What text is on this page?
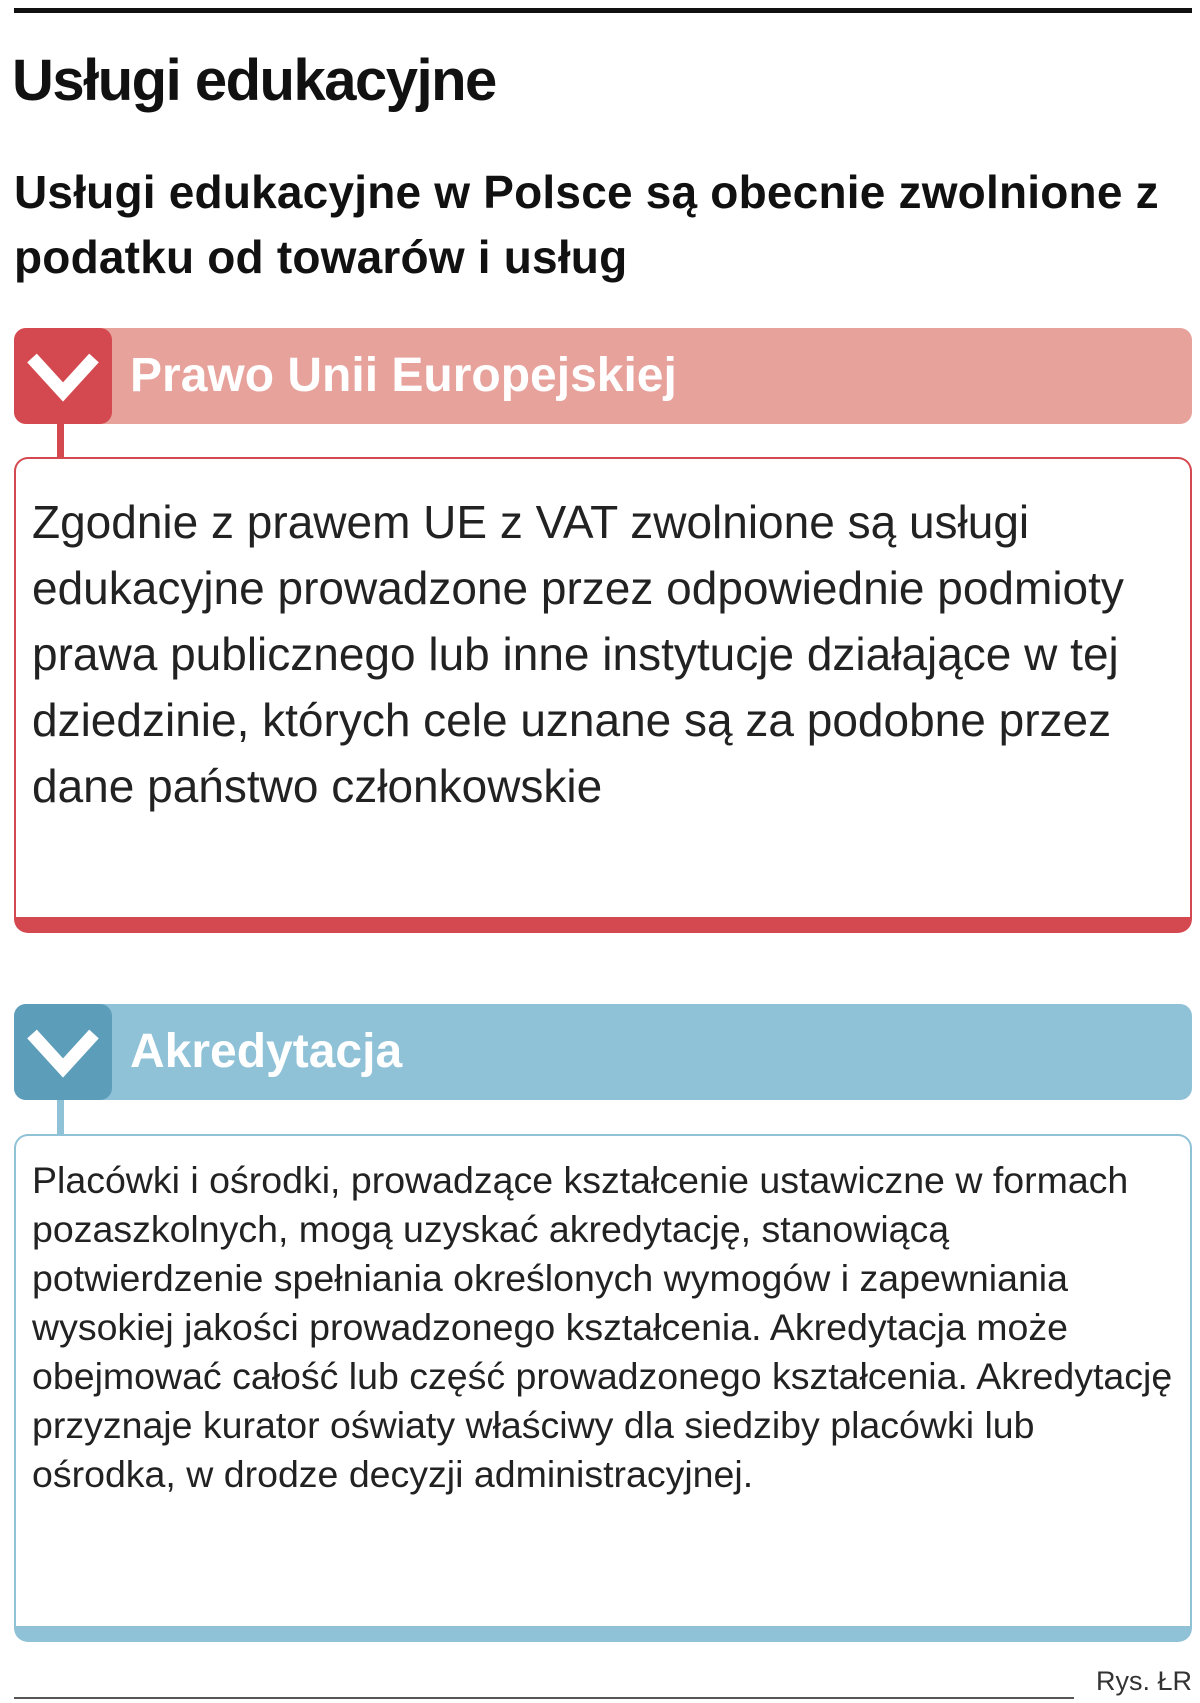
Usługi edukacyjne
Usługi edukacyjne w Polsce są obecnie zwolnione z podatku od towarów i usług
Prawo Unii Europejskiej

Zgodnie z prawem UE z VAT zwolnione są usługi edukacyjne prowadzone przez odpowiednie podmioty prawa publicznego lub inne instytucje działające w tej dziedzinie, których cele uznane są za podobne przez dane państwo członkowskie

Akredytacja

Placówki i ośrodki, prowadzące kształcenie ustawiczne w formach pozaszkolnych, mogą uzyskać akredytację, stanowiącą potwierdzenie spełniania określonych wymogów i zapewniania wysokiej jakości prowadzonego kształcenia. Akredytacja może obejmować całość lub część prowadzonego kształcenia. Akredytację przyznaje kurator oświaty właściwy dla siedziby placówki lub ośrodka, w drodze decyzji administracyjnej.

Rys. ŁR
